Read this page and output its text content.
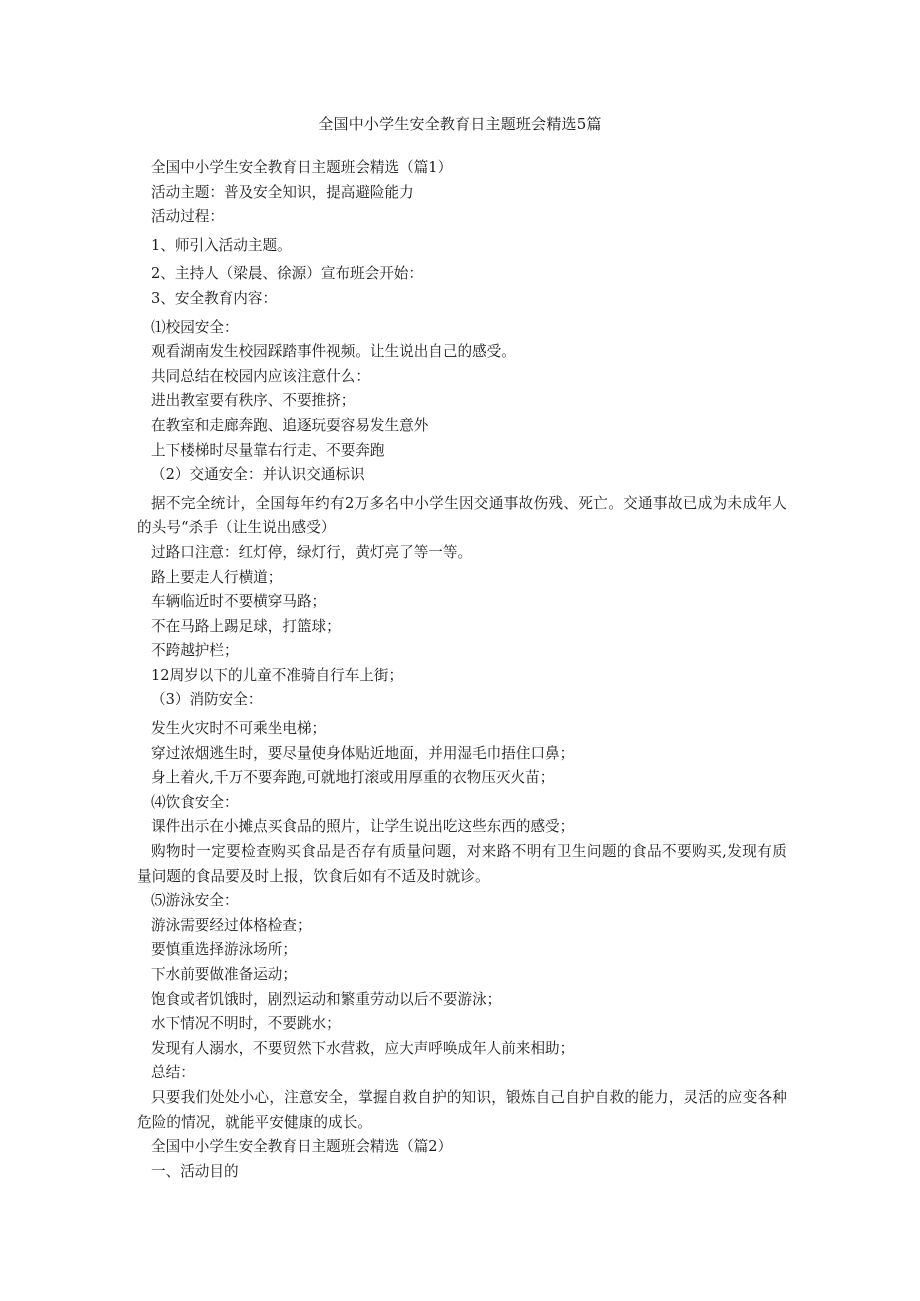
全国中小学生安全教育日主题班会精选5篇

全国中小学生安全教育日主题班会精选（篇1）

活动主题：普及安全知识，提高避险能力

活动过程：

1、师引入活动主题。

2、主持人（梁晨、徐源）宣布班会开始：

3、安全教育内容：

⑴校园安全：

观看湖南发生校园踩踏事件视频。让生说出自己的感受。

共同总结在校园内应该注意什么：

进出教室要有秩序、不要推挤；

在教室和走廊奔跑、追逐玩耍容易发生意外

上下楼梯时尽量靠右行走、不要奔跑

（2）交通安全：并认识交通标识

据不完全统计，全国每年约有2万多名中小学生因交通事故伤残、死亡。交通事故已成为未成年人的头号“杀手（让生说出感受）

过路口注意：红灯停，绿灯行，黄灯亮了等一等。

路上要走人行横道；

车辆临近时不要横穿马路；

不在马路上踢足球，打篮球；

不跨越护栏；

12周岁以下的儿童不准骑自行车上街；

（3）消防安全：

发生火灾时不可乘坐电梯；

穿过浓烟逃生时，要尽量使身体贴近地面，并用湿毛巾捂住口鼻；

身上着火,千万不要奔跑,可就地打滚或用厚重的衣物压灭火苗；

⑷饮食安全：

课件出示在小摊点买食品的照片，让学生说出吃这些东西的感受；

购物时一定要检查购买食品是否存有质量问题，对来路不明有卫生问题的食品不要购买,发现有质量问题的食品要及时上报，饮食后如有不适及时就诊。

⑸游泳安全：

游泳需要经过体格检查；

要慎重选择游泳场所；

下水前要做准备运动；

饱食或者饥饿时，剧烈运动和繁重劳动以后不要游泳；

水下情况不明时，不要跳水；

发现有人溺水，不要贸然下水营救，应大声呼唤成年人前来相助；

总结：

只要我们处处小心，注意安全，掌握自救自护的知识，锻炼自己自护自救的能力，灵活的应变各种危险的情况，就能平安健康的成长。

全国中小学生安全教育日主题班会精选（篇2）

一、活动目的
